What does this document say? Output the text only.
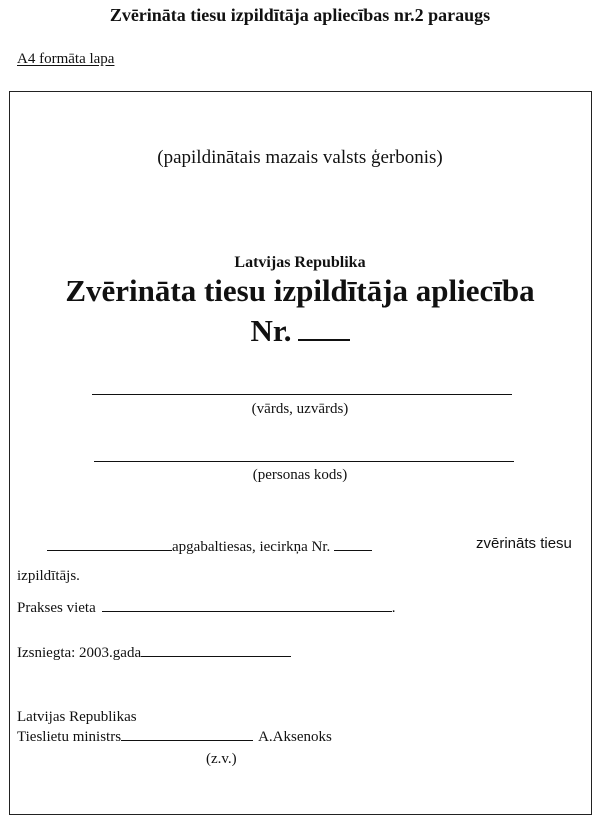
Zvērināta tiesu izpildītāja apliecības nr.2 paraugs
A4 formāta lapa
(papildinātais mazais valsts ģerbonis)
Latvijas Republika
Zvērināta tiesu izpildītāja apliecība
Nr.
(vārds, uzvārds)
(personas kods)
apgabaltiesas, iecirkņa Nr.	zvērināts tiesu
izpildītājs.
Prakses vieta	.
Izsniegta: 2003.gada
Latvijas Republikas
Tieslietu ministrs	A.Aksenoks
(z.v.)
